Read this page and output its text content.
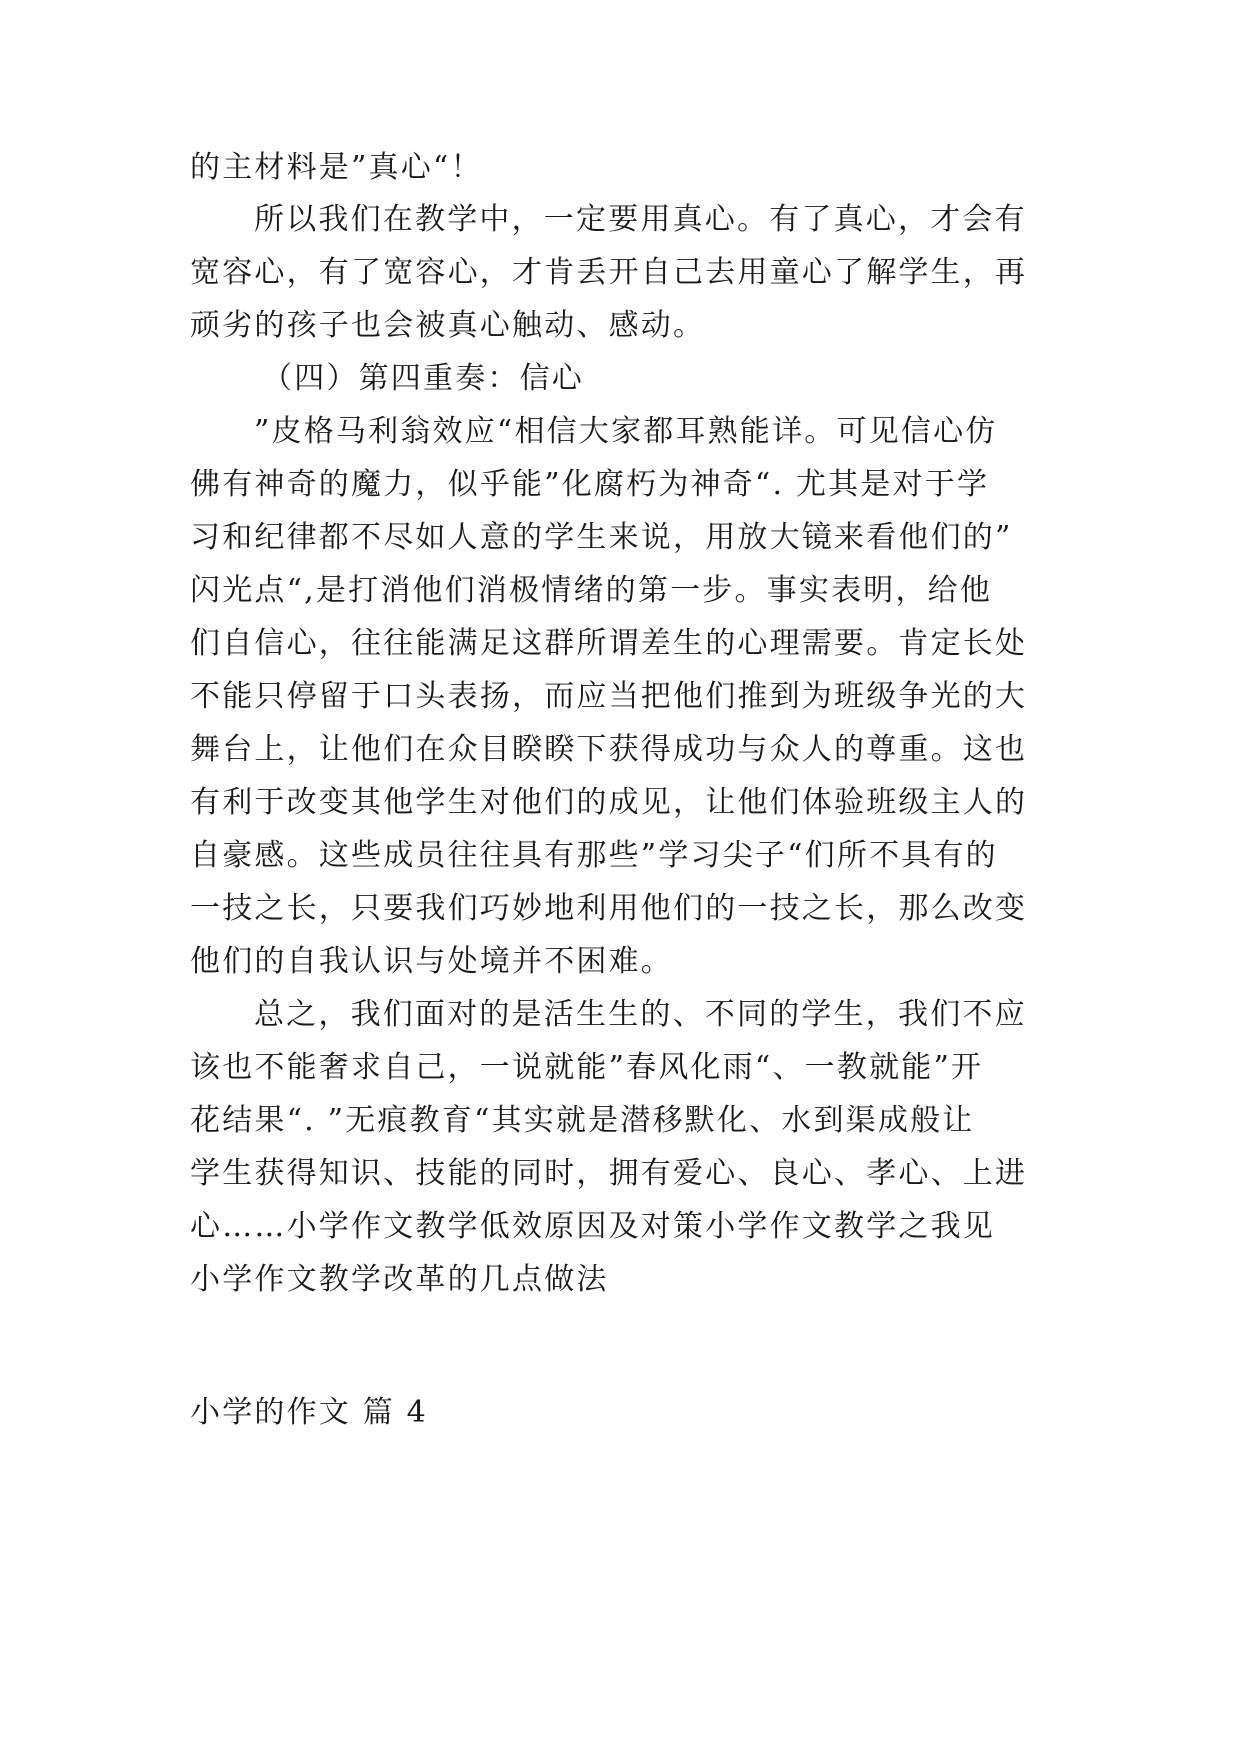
的主材料是”真心“！
所以我们在教学中，一定要用真心。有了真心，才会有
宽容心，有了宽容心，才肯丢开自己去用童心了解学生，再
顽劣的孩子也会被真心触动、感动。
（四）第四重奏：信心
”皮格马利翁效应“相信大家都耳熟能详。可见信心仿
佛有神奇的魔力，似乎能”化腐朽为神奇“. 尤其是对于学
习和纪律都不尽如人意的学生来说，用放大镜来看他们的”
闪光点“,是打消他们消极情绪的第一步。事实表明，给他
们自信心，往往能满足这群所谓差生的心理需要。肯定长处
不能只停留于口头表扬，而应当把他们推到为班级争光的大
舞台上，让他们在众目睽睽下获得成功与众人的尊重。这也
有利于改变其他学生对他们的成见，让他们体验班级主人的
自豪感。这些成员往往具有那些”学习尖子“们所不具有的
一技之长，只要我们巧妙地利用他们的一技之长，那么改变
他们的自我认识与处境并不困难。
总之，我们面对的是活生生的、不同的学生，我们不应
该也不能奢求自己，一说就能”春风化雨“、一教就能”开
花结果“. ”无痕教育“其实就是潜移默化、水到渠成般让
学生获得知识、技能的同时，拥有爱心、良心、孝心、上进
心……小学作文教学低效原因及对策小学作文教学之我见
小学作文教学改革的几点做法
小学的作文 篇 4
